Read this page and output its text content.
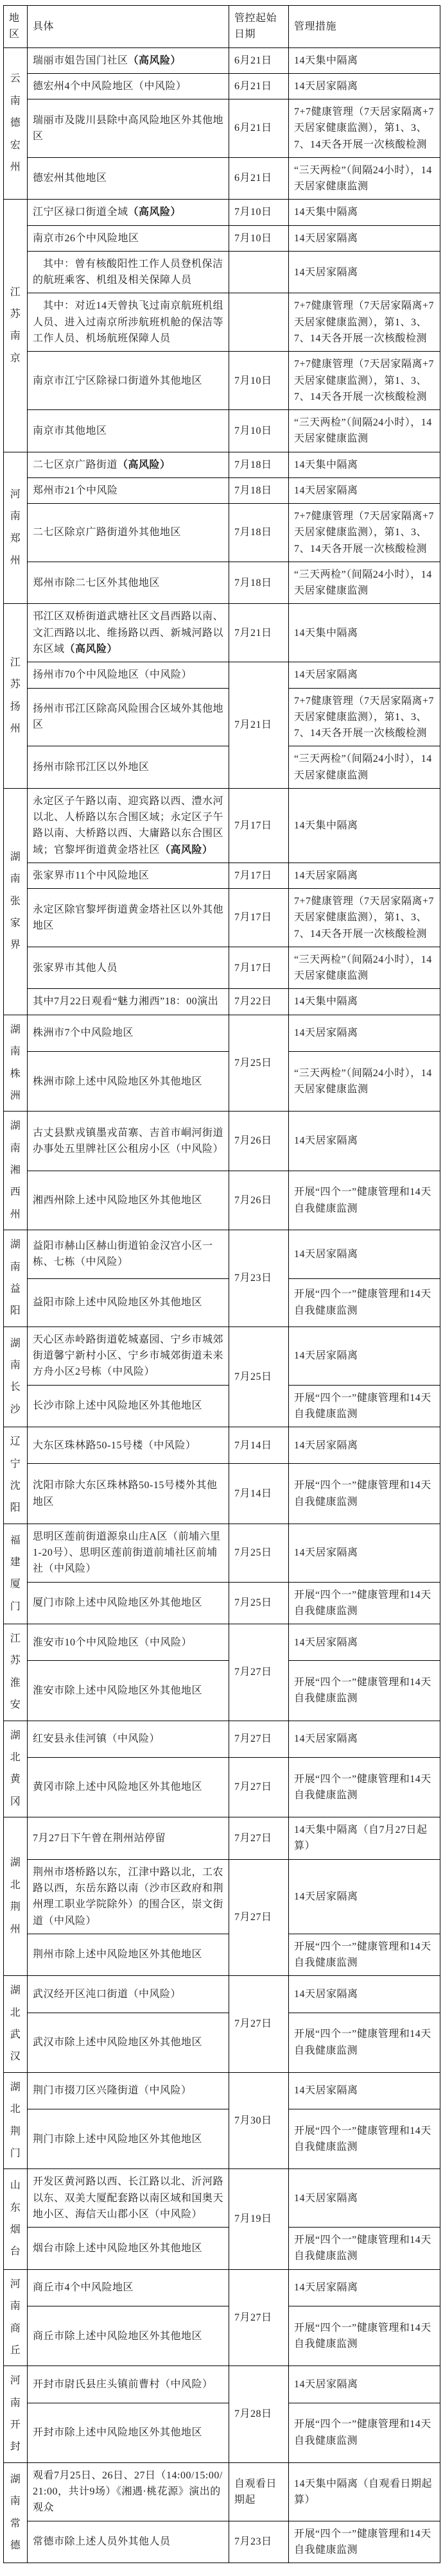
地区	具体	管控起始日期	管理措施
云南德宏州	瑞丽市姐告国门社区（高风险）	6月21日	14天集中隔离
	德宏州4个中风险地区（中风险）	6月21日	14天居家隔离
	瑞丽市及陇川县除中高风险地区外其他地区	6月21日	7+7健康管理（7天居家隔离+7天居家健康监测），第1、3、7、14天各开展一次核酸检测
	德宏州其他地区	6月21日	“三天两检”（间隔24小时），14天居家健康监测
江苏南京	江宁区禄口街道全域（高风险）	7月10日	14天集中隔离
	南京市26个中风险地区	7月10日	14天居家隔离
	其中：曾有核酸阳性工作人员登机保洁的航班乘客、机组及相关保障人员		14天居家隔离
	其中：对近14天曾执飞过南京航班机组人员、进入过南京所涉航班机舱的保洁等工作人员、机场航班保障人员		7+7健康管理（7天居家隔离+7天居家健康监测），第1、3、7、14天各开展一次核酸检测
	南京市江宁区除禄口街道外其他地区	7月10日	7+7健康管理（7天居家隔离+7天居家健康监测），第1、3、7、14天各开展一次核酸检测
	南京市其他地区	7月10日	“三天两检”（间隔24小时），14天居家健康监测
河南郑州	二七区京广路街道（高风险）	7月18日	14天集中隔离
	郑州市21个中风险	7月18日	14天居家隔离
	二七区除京广路街道外其他地区	7月18日	7+7健康管理（7天居家隔离+7天居家健康监测），第1、3、7、14天各开展一次核酸检测
	郑州市除二七区外其他地区	7月18日	“三天两检”（间隔24小时），14天居家健康监测
江苏扬州	邗江区双桥街道武塘社区文昌西路以南、文汇西路以北、维扬路以西、新城河路以东区域（高风险）	7月21日	14天集中隔离
	扬州市70个中风险地区（中风险）	7月21日	14天居家隔离
	扬州市邗江区除高风险围合区域外其他地区		7+7健康管理（7天居家隔离+7天居家健康监测），第1、3、7、14天各开展一次核酸检测
	扬州市除邗江区以外地区		“三天两检”（间隔24小时），14天居家健康监测
湖南张家界	永定区子午路以南、迎宾路以西、澧水河以北、人桥路以东合围区域；永定区子午路以南、大桥路以西、大庸路以东合围区域；官黎坪街道黄金塔社区（高风险）	7月17日	14天集中隔离
	张家界市11个中风险地区	7月17日	14天居家隔离
	永定区除官黎坪街道黄金塔社区以外其他地区	7月17日	7+7健康管理（7天居家隔离+7天居家健康监测），第1、3、7、14天各开展一次核酸检测
	张家界市其他人员	7月17日	“三天两检”（间隔24小时），14天居家健康监测
	其中7月22日观看“魅力湘西”18：00演出	7月22日	14天集中隔离
湖南株洲	株洲市7个中风险地区	7月25日	14天居家隔离
	株洲市除上述中风险地区外其他地区		“三天两检”（间隔24小时），14天居家健康监测
湖南湘西州	古丈县默戎镇墨戎苗寨、吉首市峒河街道办事处五里牌社区公租房小区（中风险）	7月26日	14天居家隔离
	湘西州除上述中风险地区外其他地区	7月26日	开展“四个一”健康管理和14天自我健康监测
湖南益阳	益阳市赫山区赫山街道铂金汉宫小区一栋、七栋（中风险）	7月23日	14天居家隔离
	益阳市除上述中风险地区外其他地区		开展“四个一”健康管理和14天自我健康监测
湖南长沙	天心区赤岭路街道乾城嘉园、宁乡市城郊街道馨宁新村小区、宁乡市城郊街道未来方舟小区2号栋（中风险）	7月25日	14天居家隔离
	长沙市除上述中风险地区外其他地区		开展“四个一”健康管理和14天自我健康监测
辽宁沈阳	大东区珠林路50-15号楼（中风险）	7月14日	14天居家隔离
	沈阳市除大东区珠林路50-15号楼外其他地区	7月14日	开展“四个一”健康管理和14天自我健康监测
福建厦门	思明区莲前街道源泉山庄A区（前埔六里1-20号）、思明区莲前街道前埔社区前埔社（中风险）	7月25日	14天居家隔离
	厦门市除上述中风险地区外其他地区	7月25日	开展“四个一”健康管理和14天自我健康监测
江苏淮安	淮安市10个中风险地区（中风险）	7月27日	14天居家隔离
	淮安市除上述中风险地区外其他地区		开展“四个一”健康管理和14天自我健康监测
湖北黄冈	红安县永佳河镇（中风险）	7月27日	14天居家隔离
	黄冈市除上述中风险地区外其他地区	7月27日	开展“四个一”健康管理和14天自我健康监测
湖北荆州	7月27日下午曾在荆州站停留	7月27日	14天集中隔离（自7月27日起算）
	荆州市塔桥路以东，江津中路以北，工农路以西，东岳东路以南（沙市区政府和荆州理工职业学院除外）的围合区，崇文街道（中风险）	7月27日	14天居家隔离
	荆州市除上述中风险地区外其他地区		开展“四个一”健康管理和14天自我健康监测
湖北武汉	武汉经开区沌口街道（中风险）	7月27日	14天居家隔离
	武汉市除上述中风险地区外其他地区		开展“四个一”健康管理和14天自我健康监测
湖北荆门	荆门市掇刀区兴隆街道（中风险）	7月30日	14天居家隔离
	荆门市除上述中风险地区外其他地区		开展“四个一”健康管理和14天自我健康监测
山东烟台	开发区黄河路以西、长江路以北、沂河路以东、双美大厦配套路以南区域和国奥天地小区、海信天山郡小区（中风险）	7月19日	14天居家隔离
	烟台市除上述中风险地区外其他地区		开展“四个一”健康管理和14天自我健康监测
河南商丘	商丘市4个中风险地区	7月27日	14天居家隔离
	商丘市除上述中风险地区外其他地区		开展“四个一”健康管理和14天自我健康监测
河南开封	开封市尉氏县庄头镇前曹村（中风险）	7月28日	14天居家隔离
	开封市除上述中风险地区外其他地区		开展“四个一”健康管理和14天自我健康监测
湖南常德	观看7月25日、26日、27日（14:00/15:00/21:00，共计9场）《湘遇·桃花源》演出的观众	自观看日期起	14天集中隔离（自观看日期起算）
	常德市除上述人员外其他人员	7月23日	开展“四个一”健康管理和14天自我健康监测
